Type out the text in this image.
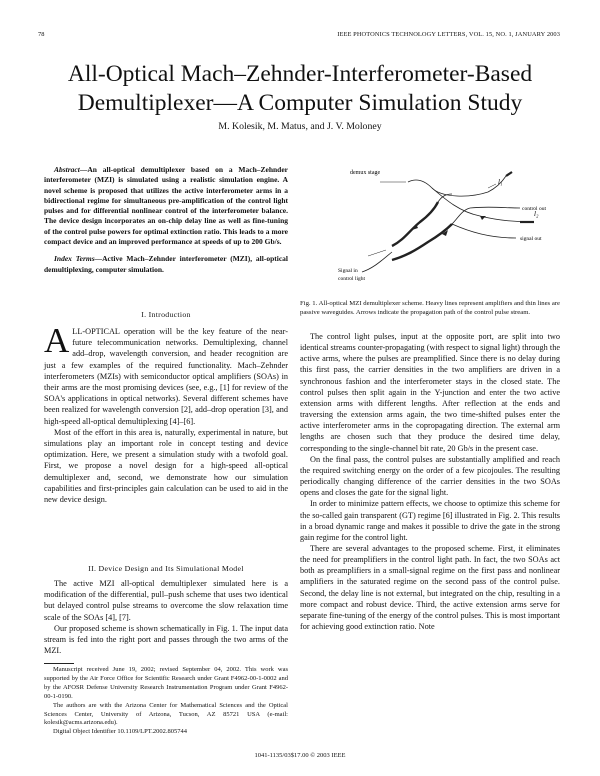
78	IEEE PHOTONICS TECHNOLOGY LETTERS, VOL. 15, NO. 1, JANUARY 2003
All-Optical Mach–Zehnder-Interferometer-Based
Demultiplexer—A Computer Simulation Study
M. Kolesik, M. Matus, and J. V. Moloney

Abstract—An all-optical demultiplexer based on a Mach–Zehnder interferometer (MZI) is simulated using a realistic simulation engine. A novel scheme is proposed that utilizes the active interferometer arms in a bidirectional regime for simultaneous pre-amplification of the control light pulses and for differential nonlinear control of the interferometer balance. The device design incorporates an on-chip delay line as well as fine-tuning of the control pulse powers for optimal extinction ratio. This leads to a more compact device and an improved performance at speeds of up to 200 Gb/s.

Index Terms—Active Mach–Zehnder interferometer (MZI), all-optical demultiplexing, computer simulation.

I. Introduction

ALL-OPTICAL operation will be the key feature of the near-future telecommunication networks. Demultiplexing, channel add–drop, wavelength conversion, and header recognition are just a few examples of the required functionality. Mach–Zehnder interferometers (MZIs) with semiconductor optical amplifiers (SOAs) in their arms are the most promising devices (see, e.g., [1] for review of the SOA's applications in optical networks). Several different schemes have been realized for wavelength conversion [2], add–drop operation [3], and high-speed all-optical demultiplexing [4]–[6].

Most of the effort in this area is, naturally, experimental in nature, but simulations play an important role in concept testing and device optimization. Here, we present a simulation study with a twofold goal. First, we propose a novel design for a high-speed all-optical demultiplexer and, second, we demonstrate how our simulation capabilities and first-principles gain calculation can be used to aid in the new device design.

II. Device Design and Its Simulational Model

The active MZI all-optical demultiplexer simulated here is a modification of the differential, pull–push scheme that uses two identical but delayed control pulse streams to overcome the slow relaxation time scale of the SOAs [4], [7].

Our proposed scheme is shown schematically in Fig. 1. The input data stream is fed into the right port and passes through the two arms of the MZI.

Manuscript received June 19, 2002; revised September 04, 2002. This work was supported by the Air Force Office for Scientific Research under Grant F4962-00-1-0002 and by the AFOSR Defense University Research Instrumentation Program under Grant F4962-00-1-0190.

The authors are with the Arizona Center for Mathematical Sciences and the Optical Sciences Center, University of Arizona, Tucson, AZ 85721 USA (e-mail: kolesik@acms.arizona.edu).

Digital Object Identifier 10.1109/LPT.2002.805744

demux stage
l₁
l₂
control out
signal out
Signal in
control light
Fig. 1. All-optical MZI demultiplexer scheme. Heavy lines represent amplifiers and thin lines are passive waveguides. Arrows indicate the propagation path of the control pulse stream.

The control light pulses, input at the opposite port, are split into two identical streams counter-propagating (with respect to signal light) through the active arms, where the pulses are preamplified. Since there is no delay during this first pass, the carrier densities in the two amplifiers are driven in a synchronous fashion and the interferometer stays in the closed state. The control pulses then split again in the Y-junction and enter the two active extension arms with different lengths. After reflection at the ends and traversing the extension arms again, the two time-shifted pulses enter the active interferometer arms in the copropagating direction. The external arm lengths are chosen such that they produce the desired time delay, corresponding to the single-channel bit rate, 20 Gb/s in the present case.

On the final pass, the control pulses are substantially amplified and reach the required switching energy on the order of a few picojoules. The resulting periodically changing difference of the carrier densities in the two SOAs opens and closes the gate for the signal light.

In order to minimize pattern effects, we choose to optimize this scheme for the so-called gain transparent (GT) regime [6] illustrated in Fig. 2. This results in a broad dynamic range and makes it possible to drive the gate in the strong gain regime for the control light.

There are several advantages to the proposed scheme. First, it eliminates the need for preamplifiers in the control light path. In fact, the two SOAs act both as preamplifiers in a small-signal regime on the first pass and nonlinear amplifiers in the saturated regime on the second pass of the control pulse. Second, the delay line is not external, but integrated on the chip, resulting in a more compact and robust device. Third, the active extension arms serve for separate fine-tuning of the energy of the control pulses. This is most important for achieving good extinction ratio. Note

1041-1135/03$17.00 © 2003 IEEE
